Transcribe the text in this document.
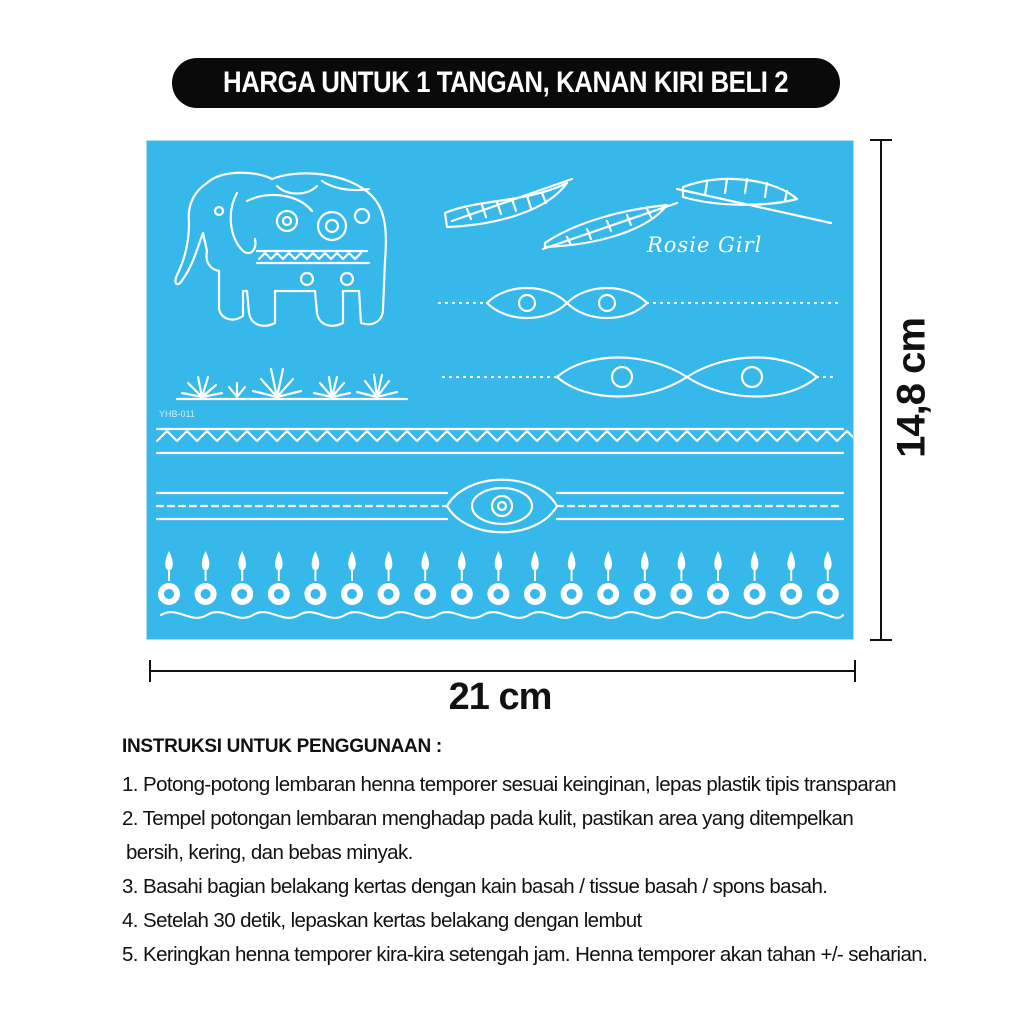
HARGA UNTUK 1 TANGAN, KANAN KIRI BELI 2
YHB-011
Rosie Girl
14,8 cm
21 cm
INSTRUKSI UNTUK PENGGUNAAN :
1. Potong-potong lembaran henna temporer sesuai keinginan, lepas plastik tipis transparan
2. Tempel potongan lembaran menghadap pada kulit, pastikan area yang ditempelkan
bersih, kering, dan bebas minyak.
3. Basahi bagian belakang kertas dengan kain basah / tissue basah / spons basah.
4. Setelah 30 detik, lepaskan kertas belakang dengan lembut
5. Keringkan henna temporer kira-kira setengah jam. Henna temporer akan tahan +/- seharian.
